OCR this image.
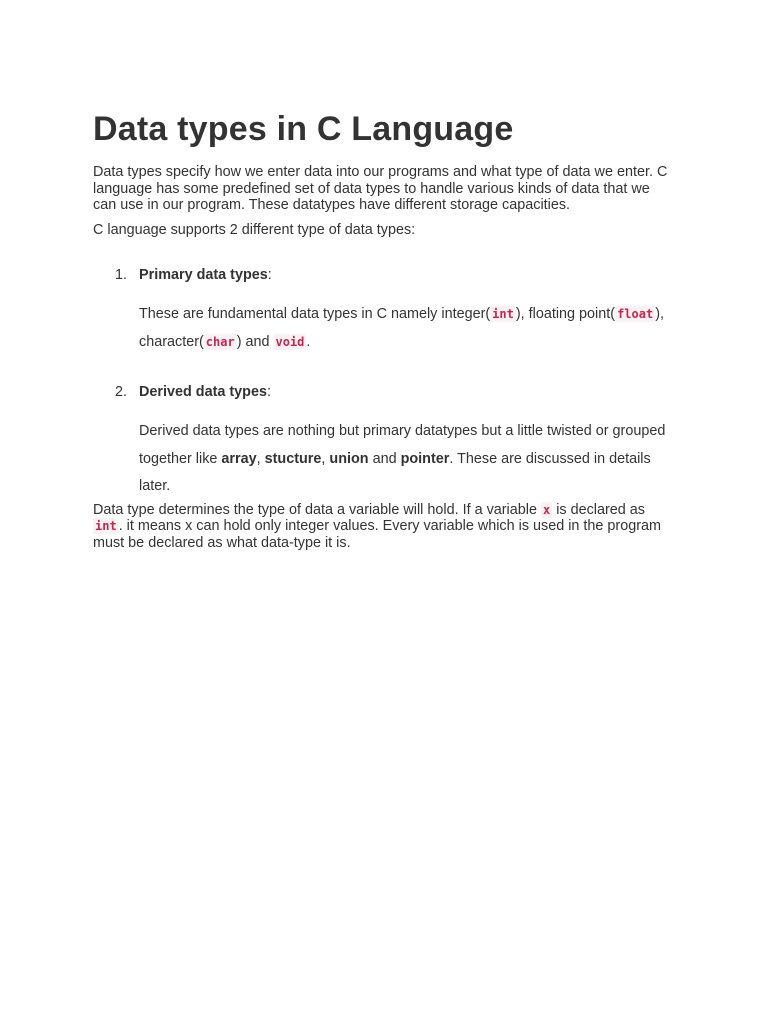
Data types in C Language

Data types specify how we enter data into our programs and what type of data we enter. C language has some predefined set of data types to handle various kinds of data that we can use in our program. These datatypes have different storage capacities.

C language supports 2 different type of data types:

1. Primary data types:
These are fundamental data types in C namely integer( int ), floating point( float ), character( char ) and void .
2. Derived data types:
Derived data types are nothing but primary datatypes but a little twisted or grouped together like array, stucture, union and pointer. These are discussed in details later.

Data type determines the type of data a variable will hold. If a variable x is declared as int . it means x can hold only integer values. Every variable which is used in the program must be declared as what data-type it is.
